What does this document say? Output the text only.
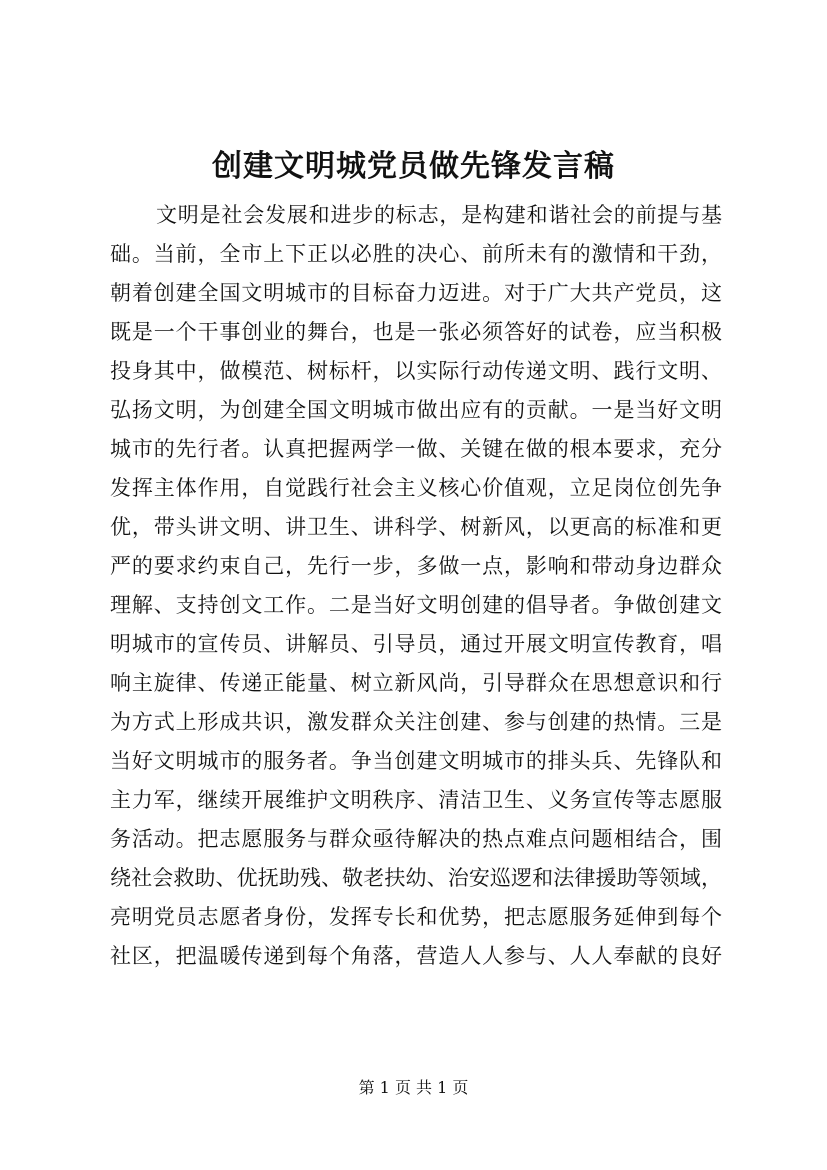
创建文明城党员做先锋发言稿
文明是社会发展和进步的标志，是构建和谐社会的前提与基
础。当前，全市上下正以必胜的决心、前所未有的激情和干劲，
朝着创建全国文明城市的目标奋力迈进。对于广大共产党员，这
既是一个干事创业的舞台，也是一张必须答好的试卷，应当积极
投身其中，做模范、树标杆，以实际行动传递文明、践行文明、
弘扬文明，为创建全国文明城市做出应有的贡献。一是当好文明
城市的先行者。认真把握两学一做、关键在做的根本要求，充分
发挥主体作用，自觉践行社会主义核心价值观，立足岗位创先争
优，带头讲文明、讲卫生、讲科学、树新风，以更高的标准和更
严的要求约束自己，先行一步，多做一点，影响和带动身边群众
理解、支持创文工作。二是当好文明创建的倡导者。争做创建文
明城市的宣传员、讲解员、引导员，通过开展文明宣传教育，唱
响主旋律、传递正能量、树立新风尚，引导群众在思想意识和行
为方式上形成共识，激发群众关注创建、参与创建的热情。三是
当好文明城市的服务者。争当创建文明城市的排头兵、先锋队和
主力军，继续开展维护文明秩序、清洁卫生、义务宣传等志愿服
务活动。把志愿服务与群众亟待解决的热点难点问题相结合，围
绕社会救助、优抚助残、敬老扶幼、治安巡逻和法律援助等领域，
亮明党员志愿者身份，发挥专长和优势，把志愿服务延伸到每个
社区，把温暖传递到每个角落，营造人人参与、人人奉献的良好
第 1 页 共 1 页
